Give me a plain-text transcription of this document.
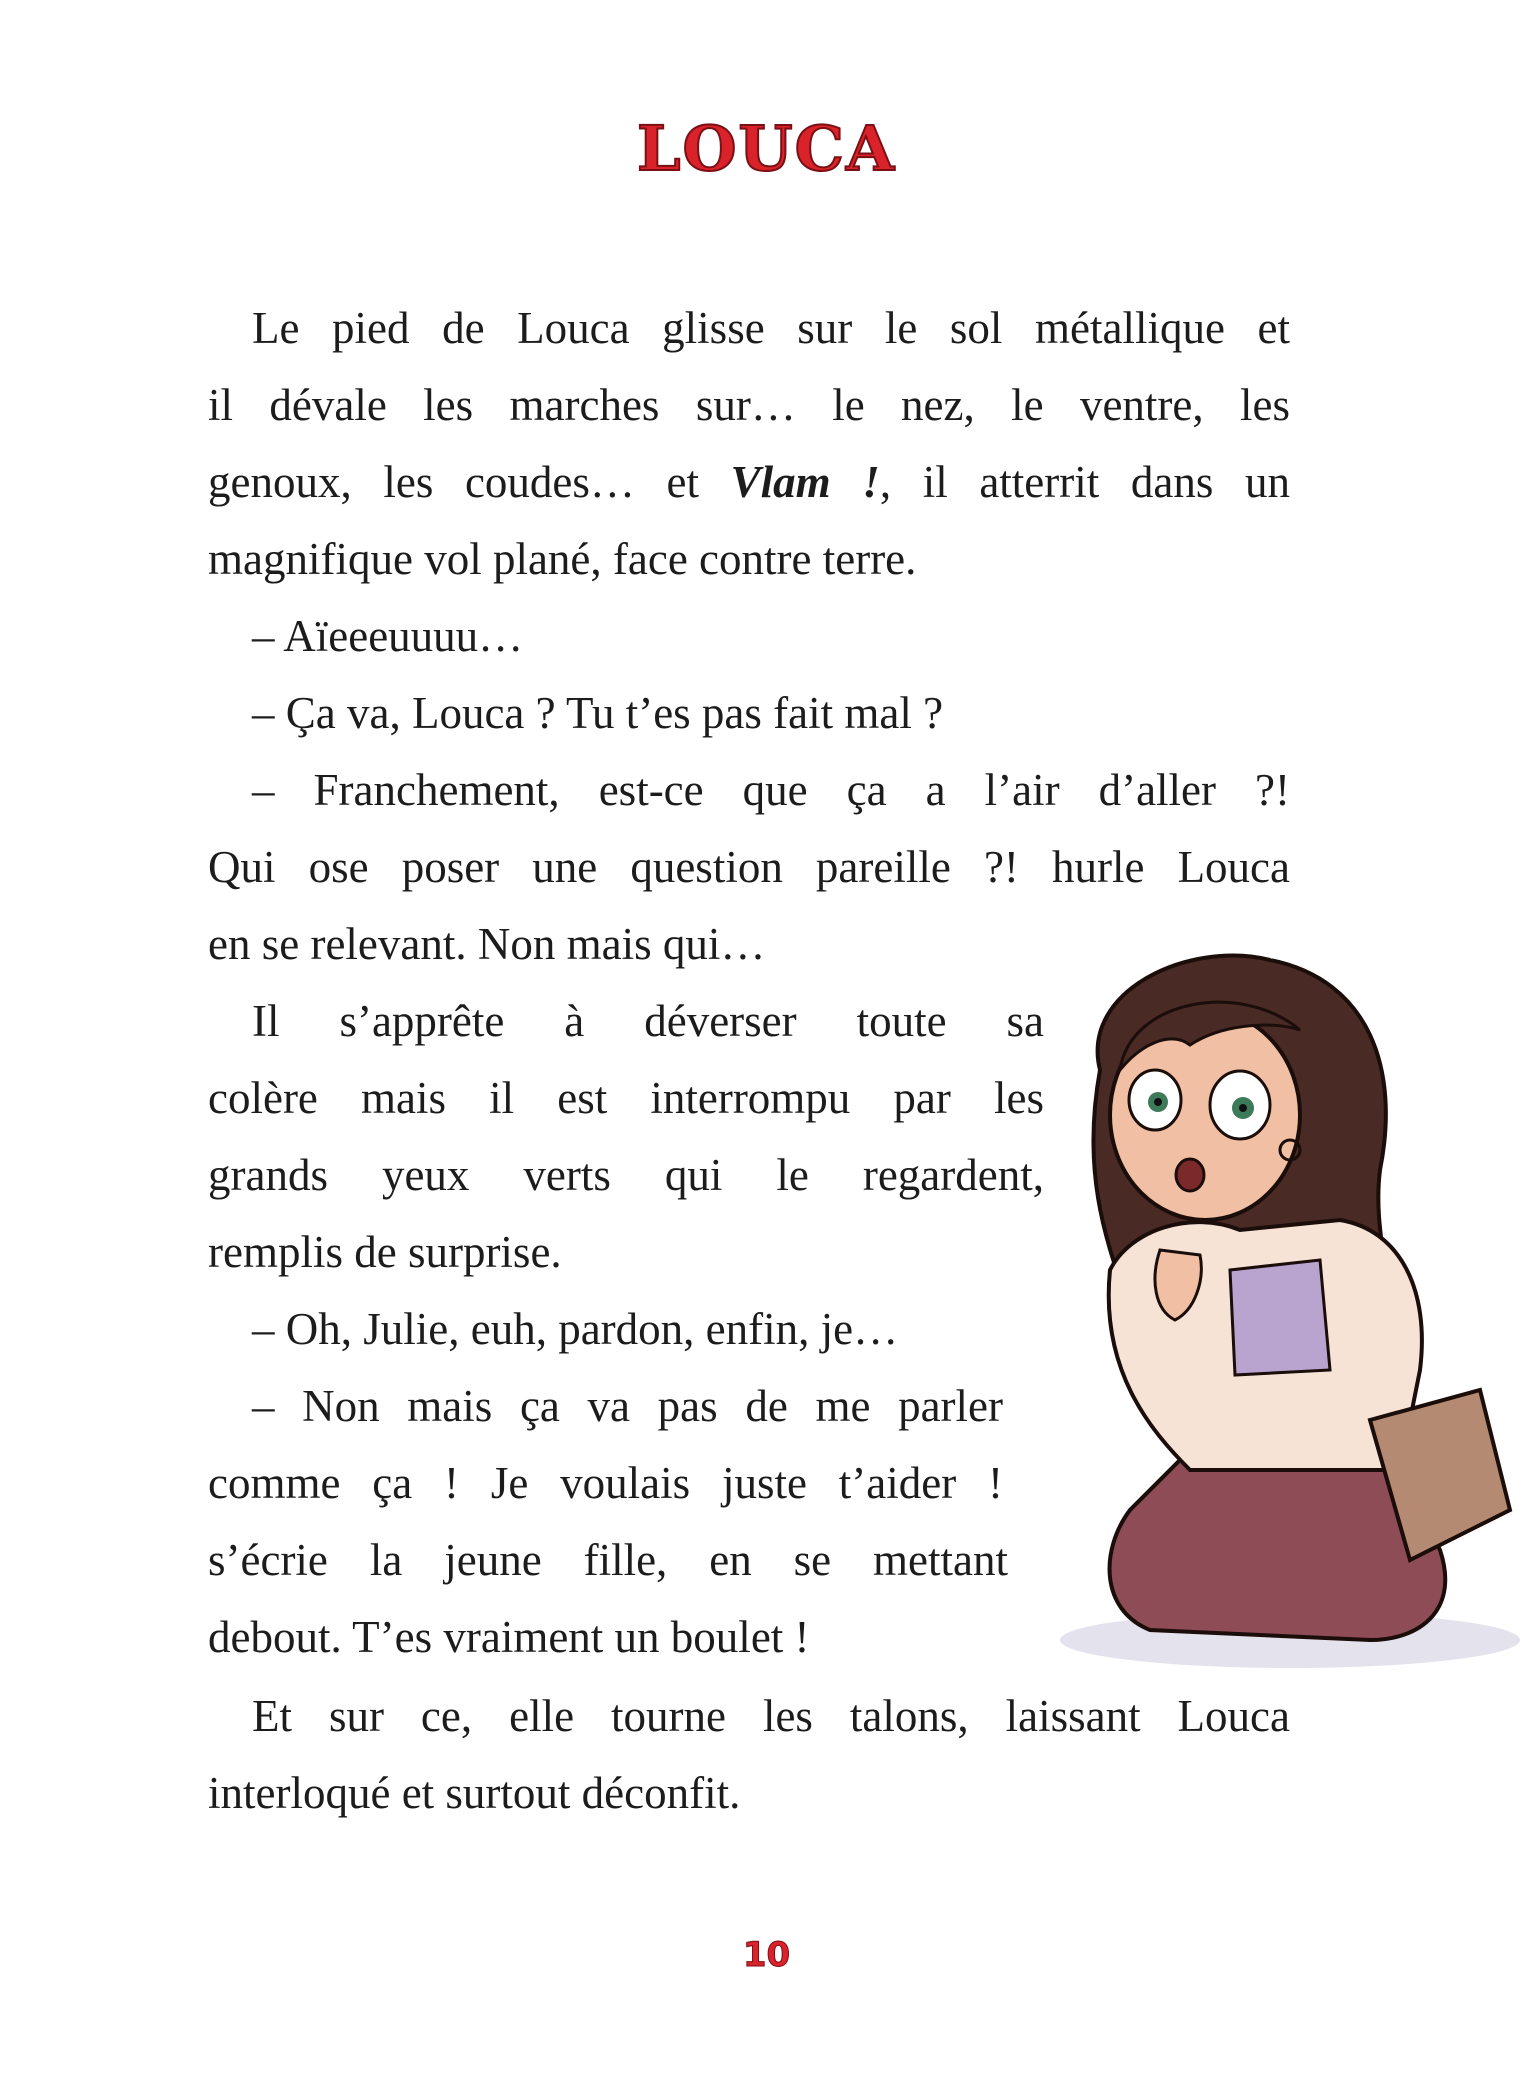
LOUCA
Le pied de Louca glisse sur le sol métallique et
il dévale les marches sur… le nez, le ventre, les
genoux, les coudes… et Vlam !, il atterrit dans un
magnifique vol plané, face contre terre.
– Aïeeeuuuu…
– Ça va, Louca ? Tu t’es pas fait mal ?
– Franchement, est-ce que ça a l’air d’aller ?!
Qui ose poser une question pareille ?! hurle Louca
en se relevant. Non mais qui…
Il s’apprête à déverser toute sa
colère mais il est interrompu par les
grands yeux verts qui le regardent,
remplis de surprise.
– Oh, Julie, euh, pardon, enfin, je…
– Non mais ça va pas de me parler
comme ça ! Je voulais juste t’aider !
s’écrie la jeune fille, en se mettant
debout. T’es vraiment un boulet !
Et sur ce, elle tourne les talons, laissant Louca
interloqué et surtout déconfit.
10
